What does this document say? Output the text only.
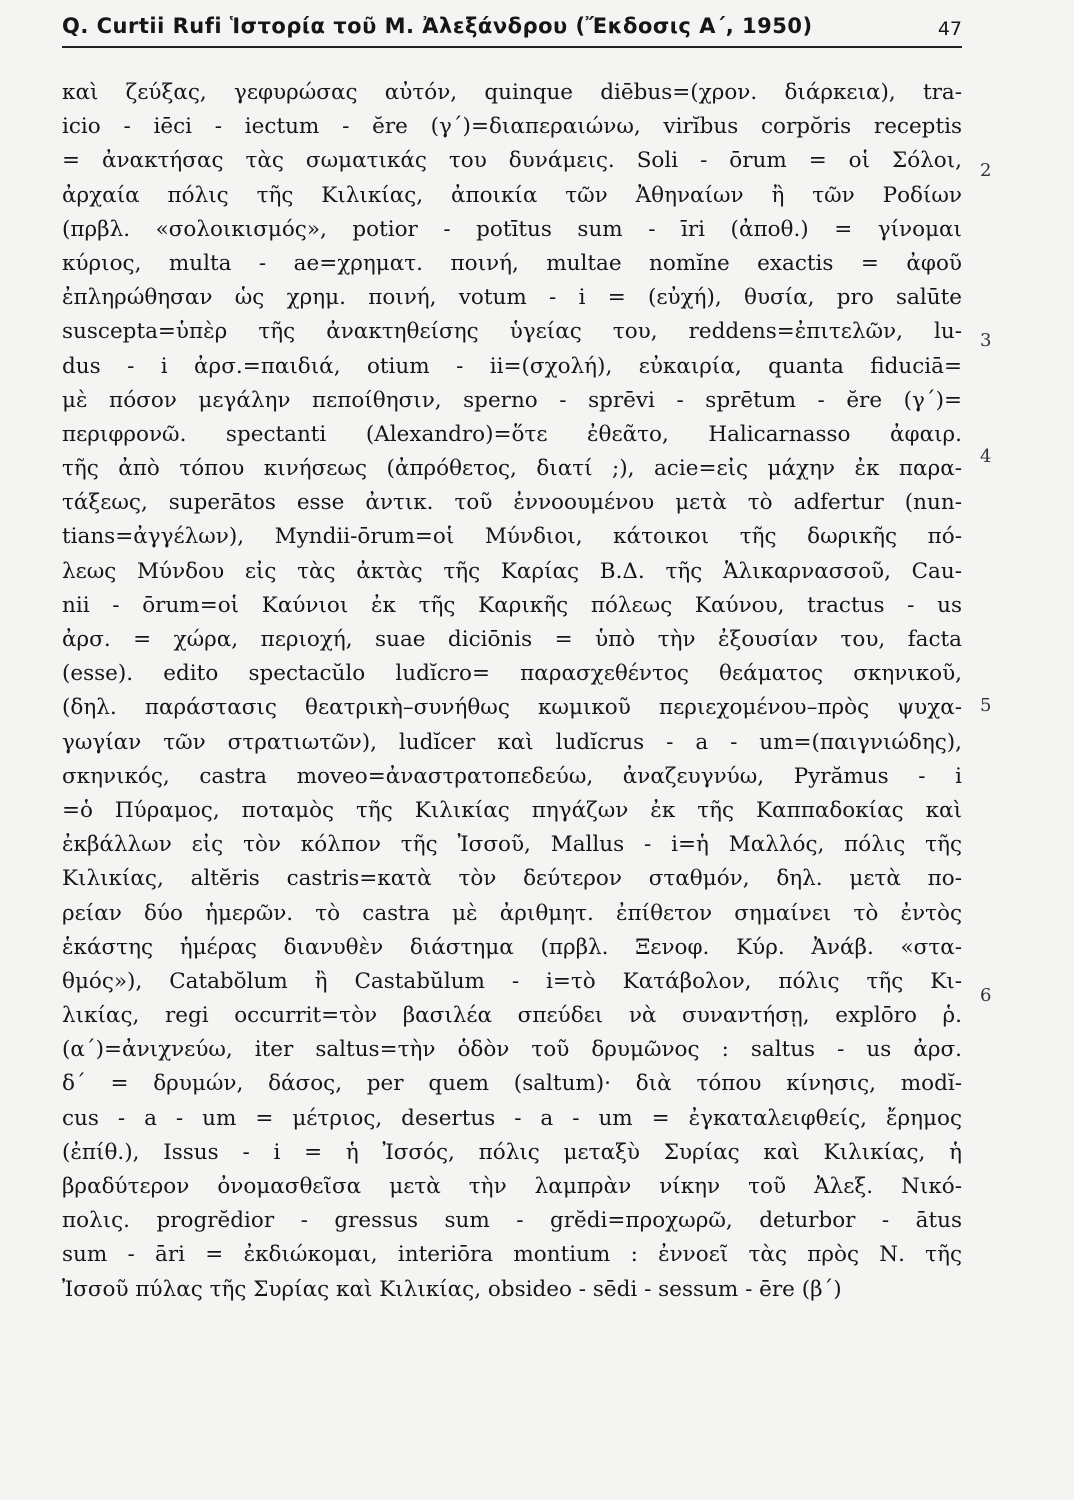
Q. Curtii Rufi Ἱστορία τοῦ Μ. Ἀλεξάνδρου (Ἔκδοσις Α΄, 1950)	47
καὶ ζεύξας, γεφυρώσας αὐτόν, quinque diēbus=(χρον. διάρκεια), tra-
icio - iēci - iectum - ĕre (γ΄)=διαπεραιώνω, virĭbus corpŏris receptis
= ἀνακτήσας τὰς σωματικάς του δυνάμεις. Soli - ōrum = οἱ Σόλοι,
ἀρχαία πόλις τῆς Κιλικίας, ἀποικία τῶν Ἀθηναίων ἢ τῶν Ροδίων
(πρβλ. «σολοικισμός», potior - potītus sum - īri (ἀποθ.) = γίνομαι
κύριος, multa - ae=χρηματ. ποινή, multae nomĭne exactis = ἀφοῦ
ἐπληρώθησαν ὡς χρημ. ποινή, votum - i = (εὐχή), θυσία, pro salūte
suscepta=ὑπὲρ τῆς ἀνακτηθείσης ὑγείας του, reddens=ἐπιτελῶν, lu-
dus - i ἀρσ.=παιδιά, otium - ii=(σχολή), εὐκαιρία, quanta fiduciā=
μὲ πόσον μεγάλην πεποίθησιν, sperno - sprēvi - sprētum - ĕre (γ΄)=
περιφρονῶ. spectanti (Alexandro)=ὅτε ἐθεᾶτο, Halicarnasso ἀφαιρ.
τῆς ἀπὸ τόπου κινήσεως (ἀπρόθετος, διατί ;), acie=εἰς μάχην ἐκ παρα-
τάξεως, superātos esse ἀντικ. τοῦ ἐννοουμένου μετὰ τὸ adfertur (nun-
tians=ἀγγέλων), Myndii-ōrum=οἱ Μύνδιοι, κάτοικοι τῆς δωρικῆς πό-
λεως Μύνδου εἰς τὰς ἀκτὰς τῆς Καρίας Β.Δ. τῆς Ἁλικαρνασσοῦ, Cau-
nii - ōrum=οἱ Καύνιοι ἐκ τῆς Καρικῆς πόλεως Καύνου, tractus - us
ἀρσ. = χώρα, περιοχή, suae diciōnis = ὑπὸ τὴν ἐξουσίαν του, facta
(esse). edito spectacŭlo ludĭcro= παρασχεθέντος θεάματος σκηνικοῦ,
(δηλ. παράστασις θεατρικὴ–συνήθως κωμικοῦ περιεχομένου–πρὸς ψυχα-
γωγίαν τῶν στρατιωτῶν), ludĭcer καὶ ludĭcrus - a - um=(παιγνιώδης),
σκηνικός, castra moveo=ἀναστρατοπεδεύω, ἀναζευγνύω, Pyrămus - i
=ὁ Πύραμος, ποταμὸς τῆς Κιλικίας πηγάζων ἐκ τῆς Καππαδοκίας καὶ
ἐκβάλλων εἰς τὸν κόλπον τῆς Ἰσσοῦ, Mallus - i=ἡ Μαλλός, πόλις τῆς
Κιλικίας, altĕris castris=κατὰ τὸν δεύτερον σταθμόν, δηλ. μετὰ πο-
ρείαν δύο ἡμερῶν. τὸ castra μὲ ἀριθμητ. ἐπίθετον σημαίνει τὸ ἐντὸς
ἑκάστης ἡμέρας διανυθὲν διάστημα (πρβλ. Ξενοφ. Κύρ. Ἀνάβ. «στα-
θμός»), Catabŏlum ἢ Castabŭlum - i=τὸ Κατάβολον, πόλις τῆς Κι-
λικίας, regi occurrit=τὸν βασιλέα σπεύδει νὰ συναντήσῃ, explōro ῥ.
(α΄)=ἀνιχνεύω, iter saltus=τὴν ὁδὸν τοῦ δρυμῶνος : saltus - us ἀρσ.
δ΄ = δρυμών, δάσος, per quem (saltum)· διὰ τόπου κίνησις, modĭ-
cus - a - um = μέτριος, desertus - a - um = ἐγκαταλειφθείς, ἔρημος
(ἐπίθ.), Issus - i = ἡ Ἰσσός, πόλις μεταξὺ Συρίας καὶ Κιλικίας, ἡ
βραδύτερον ὀνομασθεῖσα μετὰ τὴν λαμπρὰν νίκην τοῦ Ἀλεξ. Νικό-
πολις. progrĕdior - gressus sum - grĕdi=προχωρῶ, deturbor - ātus
sum - āri = ἐκδιώκομαι, interiōra montium : ἐννοεῖ τὰς πρὸς Ν. τῆς
Ἰσσοῦ πύλας τῆς Συρίας καὶ Κιλικίας, obsideo - sēdi - sessum - ēre (β΄)
2
3
4
5
6
